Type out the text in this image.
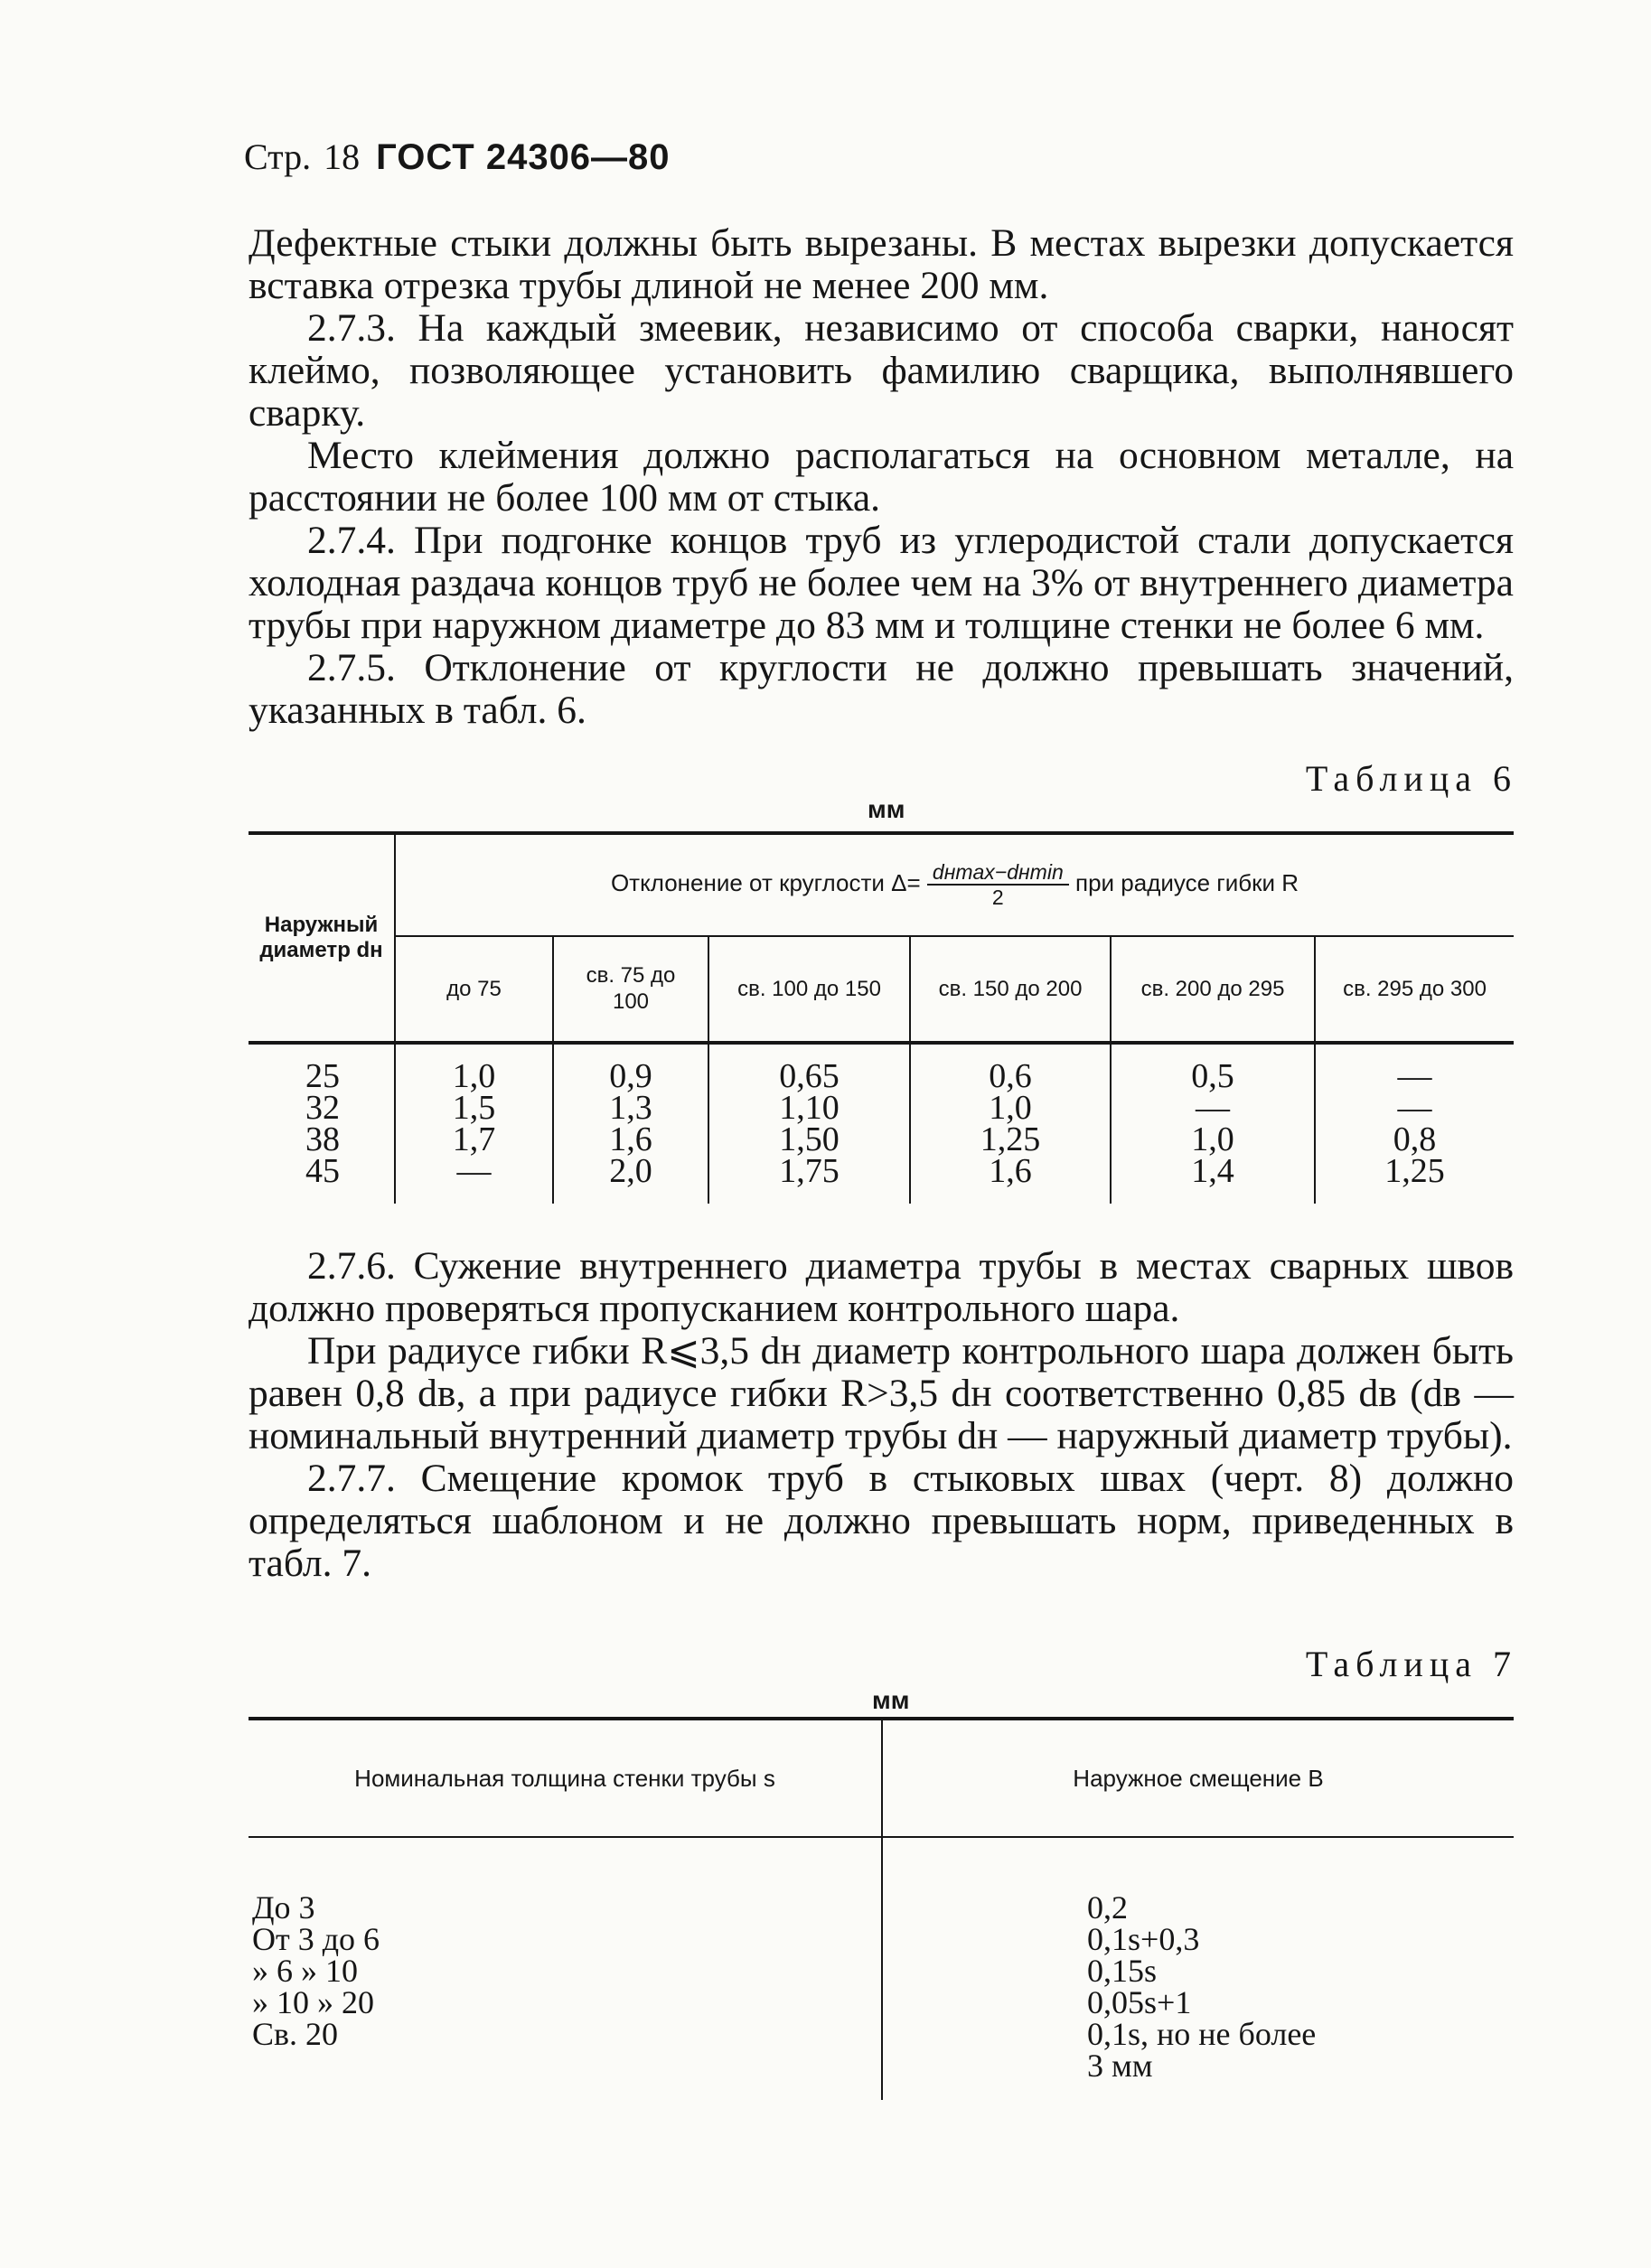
Стр. 18 ГОСТ 24306—80

Дефектные стыки должны быть вырезаны. В местах вырезки допускается вставка отрезка трубы длиной не менее 200 мм.

2.7.3. На каждый змеевик, независимо от способа сварки, наносят клеймо, позволяющее установить фамилию сварщика, выполнявшего сварку.

Место клеймения должно располагаться на основном металле, на расстоянии не более 100 мм от стыка.

2.7.4. При подгонке концов труб из углеродистой стали допускается холодная раздача концов труб не более чем на 3% от внутреннего диаметра трубы при наружном диаметре до 83 мм и толщине стенки не более 6 мм.

2.7.5. Отклонение от круглости не должно превышать значений, указанных в табл. 6.

Таблица 6
мм
Наружный диаметр dн	Отклонение от круглости $\Delta= \frac{dн\max-dн\min}{2}$ при радиусе гибки R					
	до 75	св. 75 до 100	св. 100 до 150	св. 150 до 200	св. 200 до 295	св. 295 до 300
25	1,0	0,9	0,65	0,6	0,5	—
32	1,5	1,3	1,10	1,0	—	—
38	1,7	1,6	1,50	1,25	1,0	0,8
45	—	2,0	1,75	1,6	1,4	1,25

2.7.6. Сужение внутреннего диаметра трубы в местах сварных швов должно проверяться пропусканием контрольного шара.

При радиусе гибки R⩽3,5 dн диаметр контрольного шара должен быть равен 0,8 dв, а при радиусе гибки R>3,5 dн соответственно 0,85 dв (dв — номинальный внутренний диаметр трубы dн — наружный диаметр трубы).

2.7.7. Смещение кромок труб в стыковых швах (черт. 8) должно определяться шаблоном и не должно превышать норм, приведенных в табл. 7.

Таблица 7
мм
Номинальная толщина стенки трубы s	Наружное смещение B
До 3	0,2
От 3 до 6	0,1s+0,3
» 6 » 10	0,15s
» 10 » 20	0,05s+1
Св. 20	0,1s, но не более
	3 мм
